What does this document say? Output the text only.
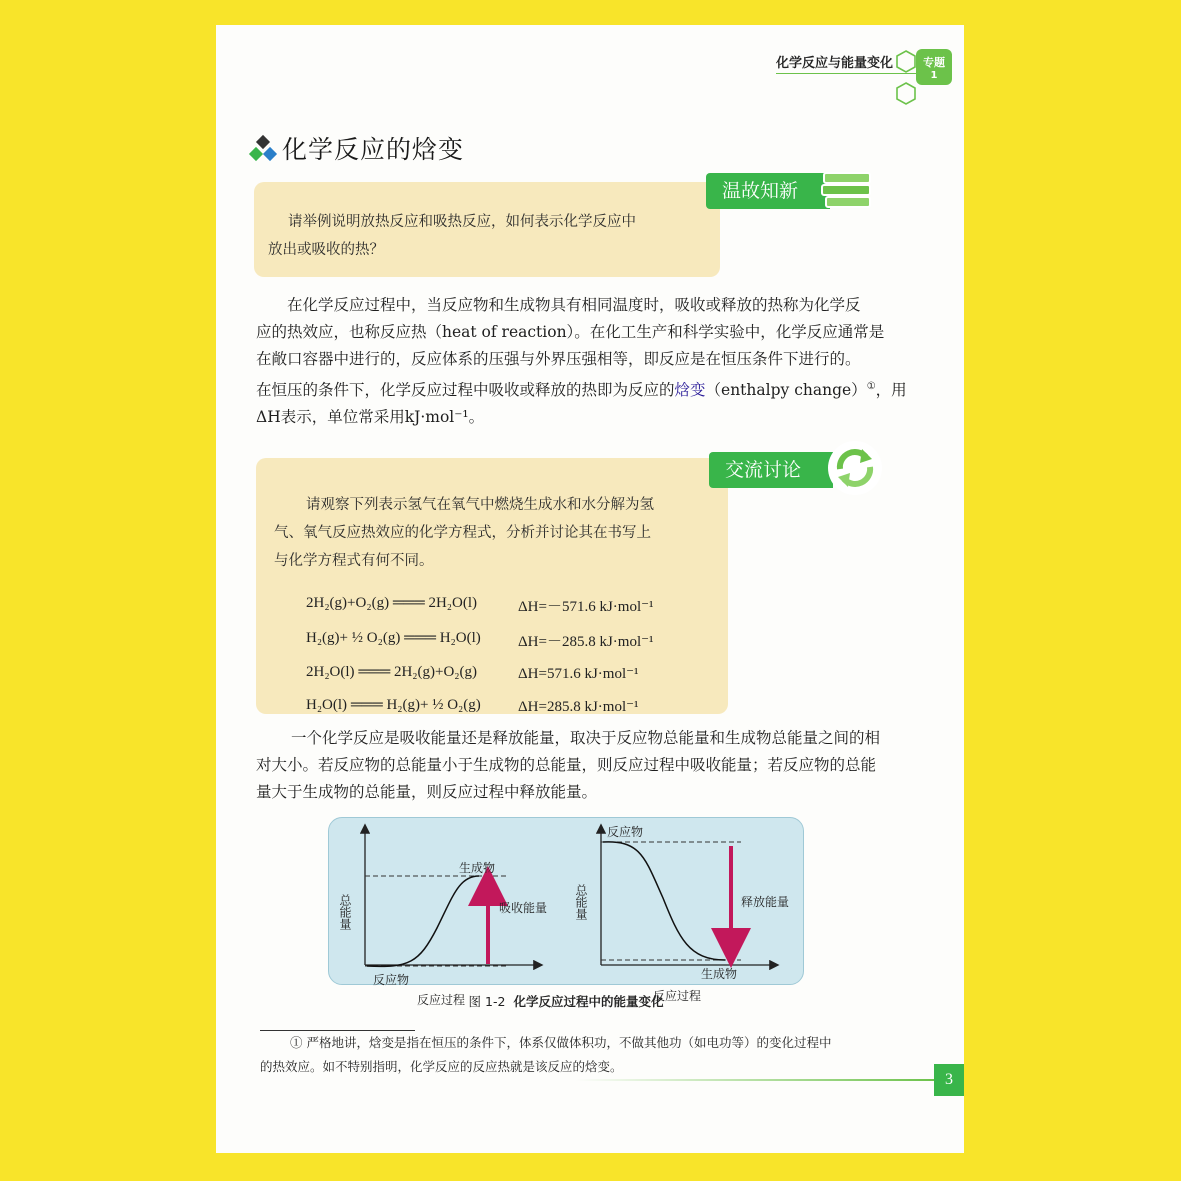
化学反应与能量变化	专题
1
化学反应的焓变
请举例说明放热反应和吸热反应，如何表示化学反应中
放出或吸收的热？
温故知新
在化学反应过程中，当反应物和生成物具有相同温度时，吸收或释放的热称为化学反
应的热效应，也称反应热（heat of reaction）。在化工生产和科学实验中，化学反应通常是
在敞口容器中进行的，反应体系的压强与外界压强相等，即反应是在恒压条件下进行的。
在恒压的条件下，化学反应过程中吸收或释放的热即为反应的焓变（enthalpy change）①，用
ΔH表示，单位常采用kJ·mol⁻¹。
请观察下列表示氢气在氧气中燃烧生成水和水分解为氢
气、氧气反应热效应的化学方程式，分析并讨论其在书写上
与化学方程式有何不同。
2H₂(g)+O₂(g) ═══ 2H₂O(l)	ΔH=－571.6 kJ·mol⁻¹
H₂(g)+ ½ O₂(g) ═══ H₂O(l) ΔH=－285.8 kJ·mol⁻¹
2H₂O(l) ═══ 2H₂(g)+O₂(g)	ΔH=571.6 kJ·mol⁻¹
H₂O(l) ═══ H₂(g)+ ½ O₂(g) ΔH=285.8 kJ·mol⁻¹
交流讨论
一个化学反应是吸收能量还是释放能量，取决于反应物总能量和生成物总能量之间的相
对大小。若反应物的总能量小于生成物的总能量，则反应过程中吸收能量；若反应物的总能
量大于生成物的总能量，则反应过程中释放能量。
生成物
吸收能量
反应物
反应过程
总能量
反应物
释放能量
生成物
反应过程
总能量
图 1-2 化学反应过程中的能量变化
① 严格地讲，焓变是指在恒压的条件下，体系仅做体积功，不做其他功（如电功等）的变化过程中
的热效应。如不特别指明，化学反应的反应热就是该反应的焓变。
3
